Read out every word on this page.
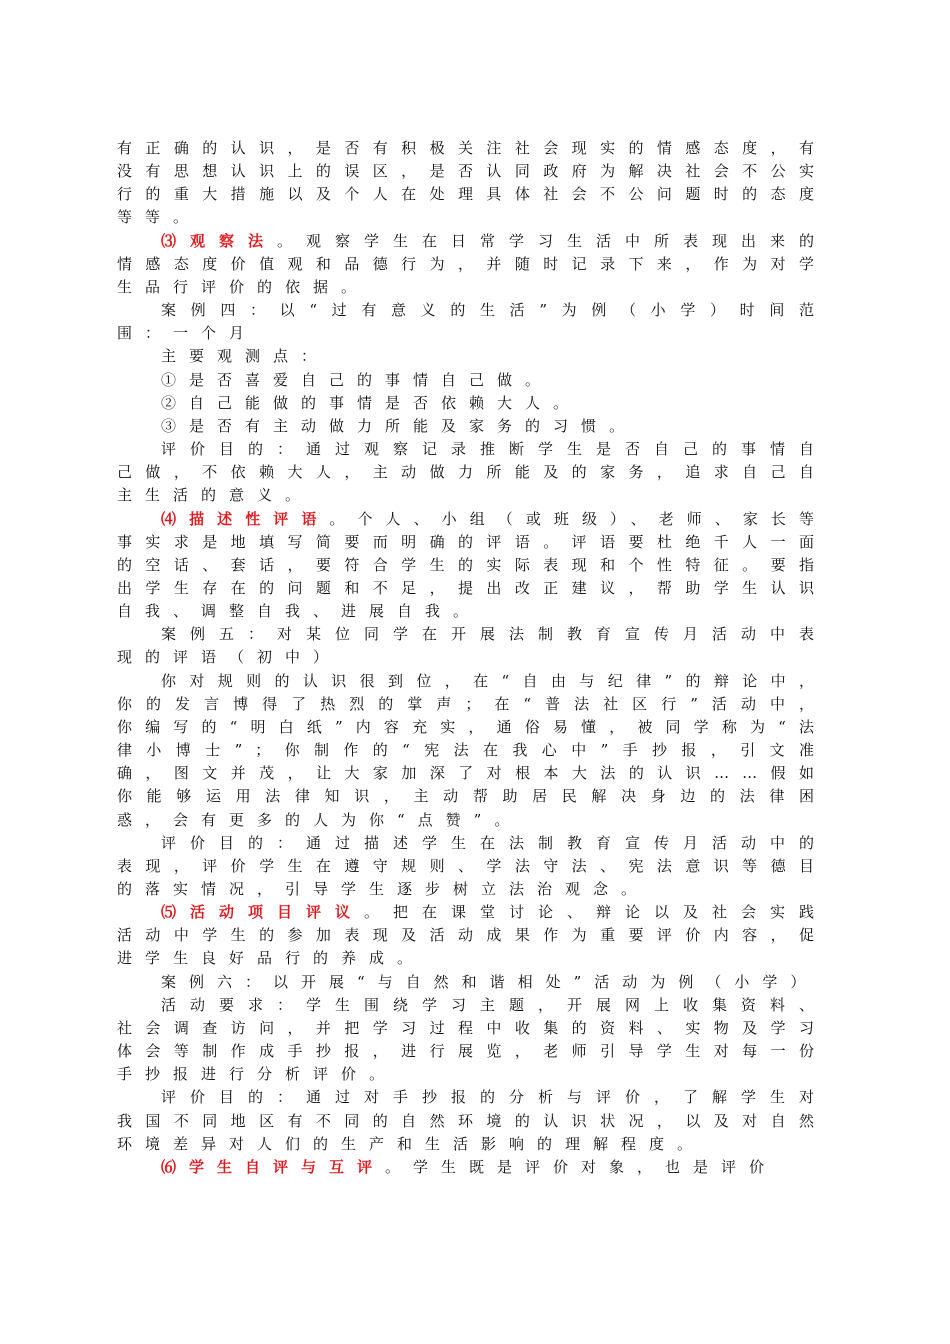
有正确的认识，是否有积极关注社会现实的情感态度，有没有思想认识上的误区，是否认同政府为解决社会不公实行的重大措施以及个人在处理具体社会不公问题时的态度等等。

⑶观察法。观察学生在日常学习生活中所表现出来的情感态度价值观和品德行为，并随时记录下来，作为对学生品行评价的依据。

案例四：以“过有意义的生活”为例（小学）时间范围：一个月

主要观测点：

①是否喜爱自己的事情自己做。

②自己能做的事情是否依赖大人。

③是否有主动做力所能及家务的习惯。

评价目的：通过观察记录推断学生是否自己的事情自己做，不依赖大人，主动做力所能及的家务，追求自己自主生活的意义。

⑷描述性评语。个人、小组（或班级）、老师、家长等事实求是地填写简要而明确的评语。评语要杜绝千人一面的空话、套话，要符合学生的实际表现和个性特征。要指出学生存在的问题和不足，提出改正建议，帮助学生认识自我、调整自我、进展自我。

案例五：对某位同学在开展法制教育宣传月活动中表现的评语（初中）

你对规则的认识很到位，在“自由与纪律”的辩论中，你的发言博得了热烈的掌声；在“普法社区行”活动中，你编写的“明白纸”内容充实，通俗易懂，被同学称为“法律小博士”；你制作的“宪法在我心中”手抄报，引文准确，图文并茂，让大家加深了对根本大法的认识……假如你能够运用法律知识，主动帮助居民解决身边的法律困惑，会有更多的人为你“点赞”。

评价目的：通过描述学生在法制教育宣传月活动中的表现，评价学生在遵守规则、学法守法、宪法意识等德目的落实情况，引导学生逐步树立法治观念。

⑸活动项目评议。把在课堂讨论、辩论以及社会实践活动中学生的参加表现及活动成果作为重要评价内容，促进学生良好品行的养成。

案例六：以开展“与自然和谐相处”活动为例（小学）

活动要求：学生围绕学习主题，开展网上收集资料、社会调查访问，并把学习过程中收集的资料、实物及学习体会等制作成手抄报，进行展览，老师引导学生对每一份手抄报进行分析评价。

评价目的：通过对手抄报的分析与评价，了解学生对我国不同地区有不同的自然环境的认识状况，以及对自然环境差异对人们的生产和生活影响的理解程度。

⑹学生自评与互评。学生既是评价对象，也是评价
